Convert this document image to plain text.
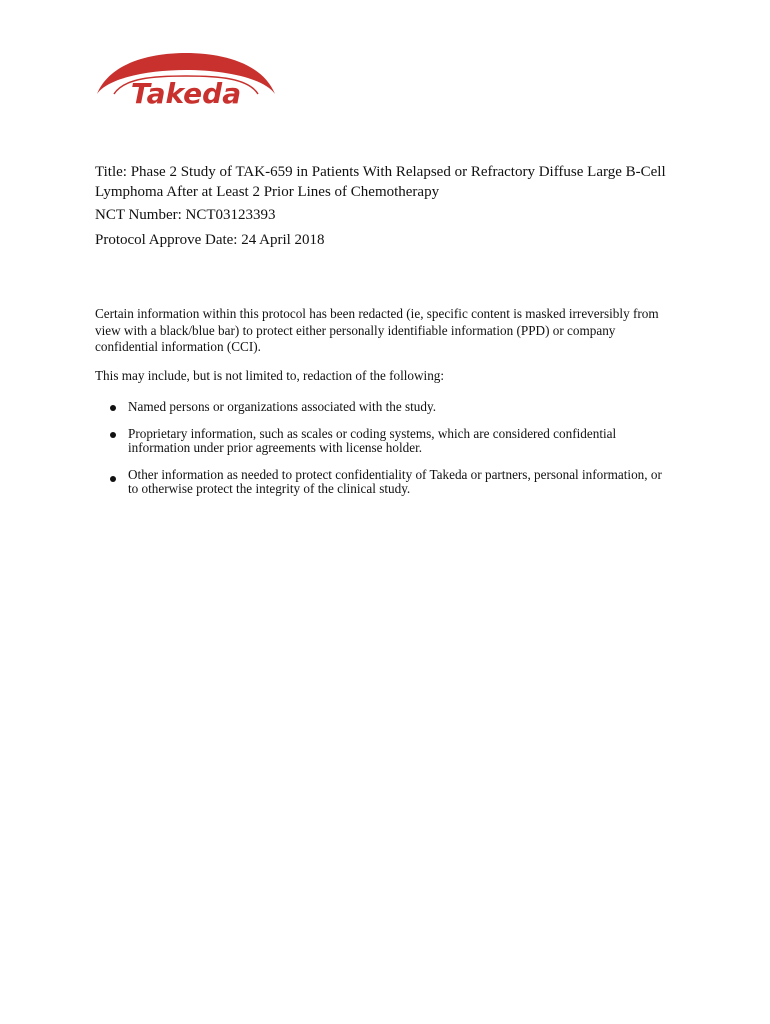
Takeda

Title: Phase 2 Study of TAK-659 in Patients With Relapsed or Refractory Diffuse Large B-Cell

Lymphoma After at Least 2 Prior Lines of Chemotherapy

NCT Number: NCT03123393
Protocol Approve Date: 24 April 2018

Certain information within this protocol has been redacted (ie, specific content is masked irreversibly from

view with a black/blue bar) to protect either personally identifiable information (PPD) or company

confidential information (CCI).

This may include, but is not limited to, redaction of the following:
Named persons or organizations associated with the study.
Proprietary information, such as scales or coding systems, which are considered confidential
information under prior agreements with license holder.
Other information as needed to protect confidentiality of Takeda or partners, personal information, or
to otherwise protect the integrity of the clinical study.
